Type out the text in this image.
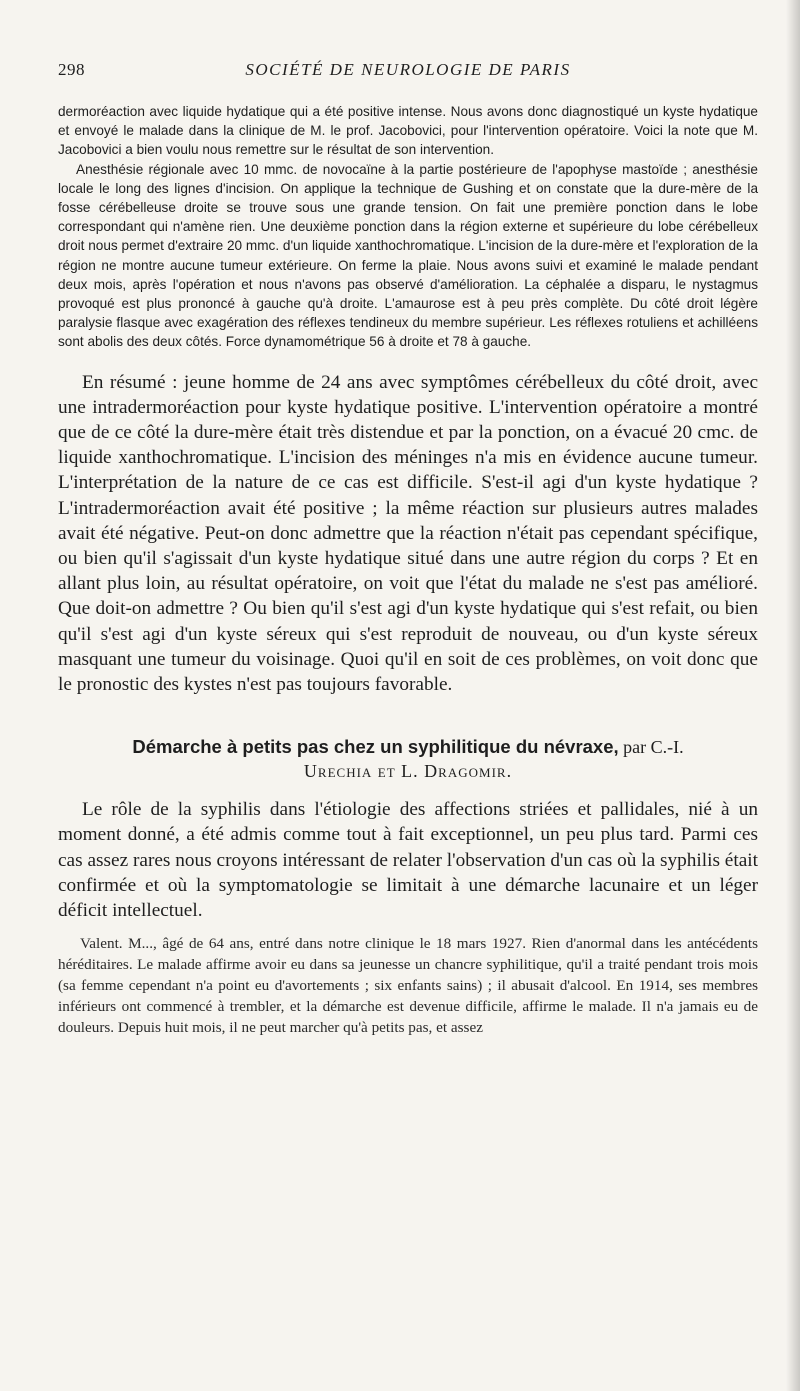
298	SOCIÉTÉ DE NEUROLOGIE DE PARIS

dermoréaction avec liquide hydatique qui a été positive intense. Nous avons donc diagnostiqué un kyste hydatique et envoyé le malade dans la clinique de M. le prof. Jacobovici, pour l'intervention opératoire. Voici la note que M. Jacobovici a bien voulu nous remettre sur le résultat de son intervention.

Anesthésie régionale avec 10 mmc. de novocaïne à la partie postérieure de l'apophyse mastoïde ; anesthésie locale le long des lignes d'incision. On applique la technique de Gushing et on constate que la dure-mère de la fosse cérébelleuse droite se trouve sous une grande tension. On fait une première ponction dans le lobe correspondant qui n'amène rien. Une deuxième ponction dans la région externe et supérieure du lobe cérébelleux droit nous permet d'extraire 20 mmc. d'un liquide xanthochromatique. L'incision de la dure-mère et l'exploration de la région ne montre aucune tumeur extérieure. On ferme la plaie. Nous avons suivi et examiné le malade pendant deux mois, après l'opération et nous n'avons pas observé d'amélioration. La céphalée a disparu, le nystagmus provoqué est plus prononcé à gauche qu'à droite. L'amaurose est à peu près complète. Du côté droit légère paralysie flasque avec exagération des réflexes tendineux du membre supérieur. Les réflexes rotuliens et achilléens sont abolis des deux côtés. Force dynamométrique 56 à droite et 78 à gauche.

En résumé : jeune homme de 24 ans avec symptômes cérébelleux du côté droit, avec une intradermoréaction pour kyste hydatique positive. L'intervention opératoire a montré que de ce côté la dure-mère était très distendue et par la ponction, on a évacué 20 cmc. de liquide xanthochromatique. L'incision des méninges n'a mis en évidence aucune tumeur. L'interprétation de la nature de ce cas est difficile. S'est-il agi d'un kyste hydatique ? L'intradermoréaction avait été positive ; la même réaction sur plusieurs autres malades avait été négative. Peut-on donc admettre que la réaction n'était pas cependant spécifique, ou bien qu'il s'agissait d'un kyste hydatique situé dans une autre région du corps ? Et en allant plus loin, au résultat opératoire, on voit que l'état du malade ne s'est pas amélioré. Que doit-on admettre ? Ou bien qu'il s'est agi d'un kyste hydatique qui s'est refait, ou bien qu'il s'est agi d'un kyste séreux qui s'est reproduit de nouveau, ou d'un kyste séreux masquant une tumeur du voisinage. Quoi qu'il en soit de ces problèmes, on voit donc que le pronostic des kystes n'est pas toujours favorable.

Démarche à petits pas chez un syphilitique du névraxe, par C.-I.
Urechia et L. Dragomir.

Le rôle de la syphilis dans l'étiologie des affections striées et pallidales, nié à un moment donné, a été admis comme tout à fait exceptionnel, un peu plus tard. Parmi ces cas assez rares nous croyons intéressant de relater l'observation d'un cas où la syphilis était confirmée et où la symptomatologie se limitait à une démarche lacunaire et un léger déficit intellectuel.

Valent. M..., âgé de 64 ans, entré dans notre clinique le 18 mars 1927. Rien d'anormal dans les antécédents héréditaires. Le malade affirme avoir eu dans sa jeunesse un chancre syphilitique, qu'il a traité pendant trois mois (sa femme cependant n'a point eu d'avortements ; six enfants sains) ; il abusait d'alcool. En 1914, ses membres inférieurs ont commencé à trembler, et la démarche est devenue difficile, affirme le malade. Il n'a jamais eu de douleurs. Depuis huit mois, il ne peut marcher qu'à petits pas, et assez
